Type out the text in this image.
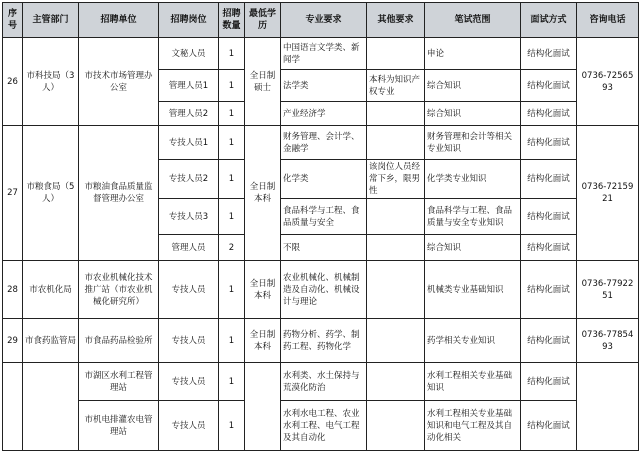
序号	主管部门	招聘单位	招聘岗位	招聘数量	最低学历	专业要求	其他要求	笔试范围	面试方式	咨询电话
26	市科技局（3人）	市技术市场管理办公室	文秘人员	1	全日制硕士	中国语言文学类、新闻学		申论	结构化面试	0736-7256593
			管理人员1	1		法学类	本科为知识产权专业	综合知识	结构化面试	
			管理人员2	1		产业经济学		综合知识	结构化面试	
27	市粮食局（5人）	市粮油食品质量监督管理办公室	专技人员1	1	全日制本科	财务管理、会计学、金融学		财务管理和会计等相关专业知识	结构化面试	0736-7215921
			专技人员2	1		化学类	该岗位人员经常下乡，限男性	化学类专业知识	结构化面试	
			专技人员3	1		食品科学与工程、食品质量与安全		食品科学与工程、食品质量与安全专业知识	结构化面试	
			管理人员	2		不限		综合知识	结构化面试	
28	市农机化局	市农业机械化技术推广站（市农业机械化研究所）	专技人员	1	全日制本科	农业机械化、机械制造及自动化、机械设计与理论		机械类专业基础知识	结构化面试	0736-7792251
29	市食药监管局	市食品药品检验所	专技人员	1	全日制本科	药物分析、药学、制药工程、药物化学		药学相关专业知识	结构化面试	0736-7785493
		市湖区水利工程管理站	专技人员	1		水利类、水土保持与荒漠化防治		水利工程相关专业基础知识	结构化面试	
		市机电排灌农电管理站	专技人员	1		水利水电工程、农业水利工程、电气工程及其自动化		水利工程相关专业基础知识和电气工程及其自动化相关	结构化面试	
